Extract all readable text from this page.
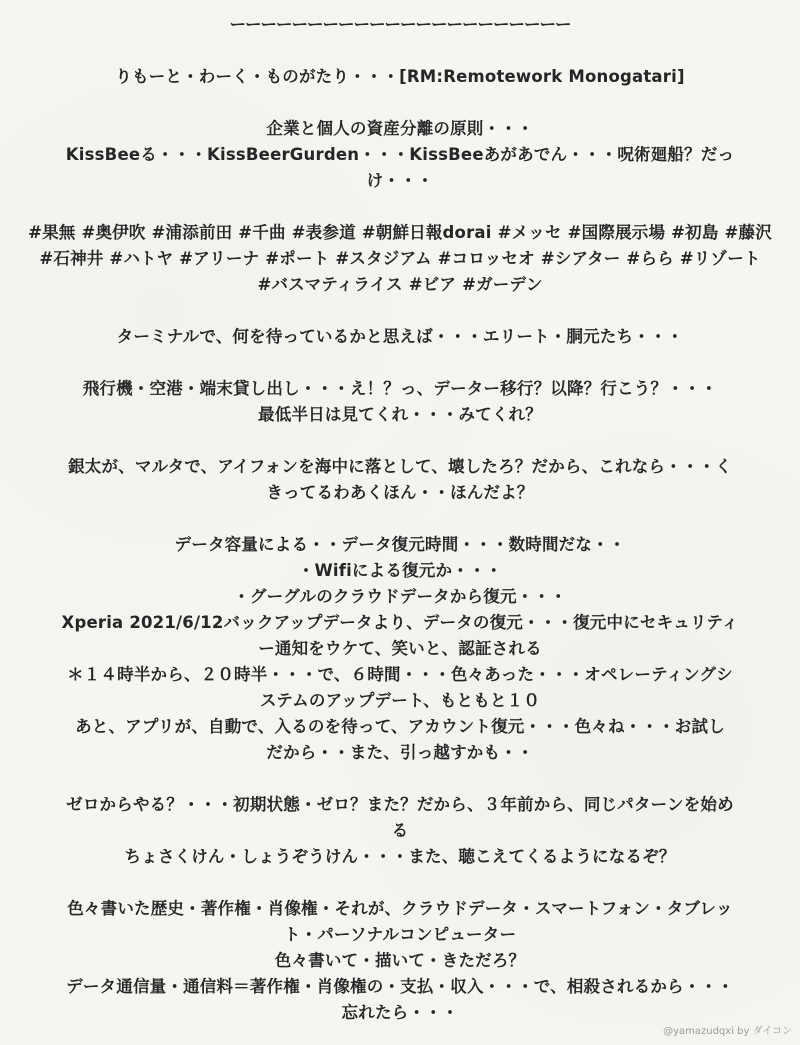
ーーーーーーーーーーーーーーーーーーーーーー
りもーと・わーく・ものがたり・・・[RM:Remotework Monogatari]
企業と個人の資産分離の原則・・・
KissBeeる・・・KissBeerGurden・・・KissBeeあがあでん・・・呪術廻船？だっ
け・・・
#果無 #奥伊吹 #浦添前田 #千曲 #表参道 #朝鮮日報dorai #メッセ #国際展示場 #初島 #藤沢
#石神井 #ハトヤ #アリーナ #ポート #スタジアム #コロッセオ #シアター #らら #リゾート
#バスマティライス #ビア #ガーデン
ターミナルで、何を待っているかと思えば・・・エリート・胴元たち・・・
飛行機・空港・端末貸し出し・・・え！？っ、データー移行？以降？行こう？・・・
最低半日は見てくれ・・・みてくれ？
銀太が、マルタで、アイフォンを海中に落として、壊したろ？だから、これなら・・・く
きってるわあくほん・・ほんだよ？
データ容量による・・データ復元時間・・・数時間だな・・
・Wifiによる復元か・・・
・グーグルのクラウドデータから復元・・・
Xperia 2021/6/12バックアップデータより、データの復元・・・復元中にセキュリティ
ー通知をウケて、笑いと、認証される
＊１４時半から、２０時半・・・で、６時間・・・色々あった・・・オペレーティングシ
ステムのアップデート、もともと１０
あと、アプリが、自動で、入るのを待って、アカウント復元・・・色々ね・・・お試し
だから・・また、引っ越すかも・・
ゼロからやる？・・・初期状態・ゼロ？また？だから、３年前から、同じパターンを始め
る
ちょさくけん・しょうぞうけん・・・また、聴こえてくるようになるぞ？
色々書いた歴史・著作権・肖像権・それが、クラウドデータ・スマートフォン・タブレッ
ト・パーソナルコンピューター
色々書いて・描いて・きただろ？
データ通信量・通信料＝著作権・肖像権の・支払・収入・・・で、相殺されるから・・・
忘れたら・・・
@yamazudqxi by ダイコン
